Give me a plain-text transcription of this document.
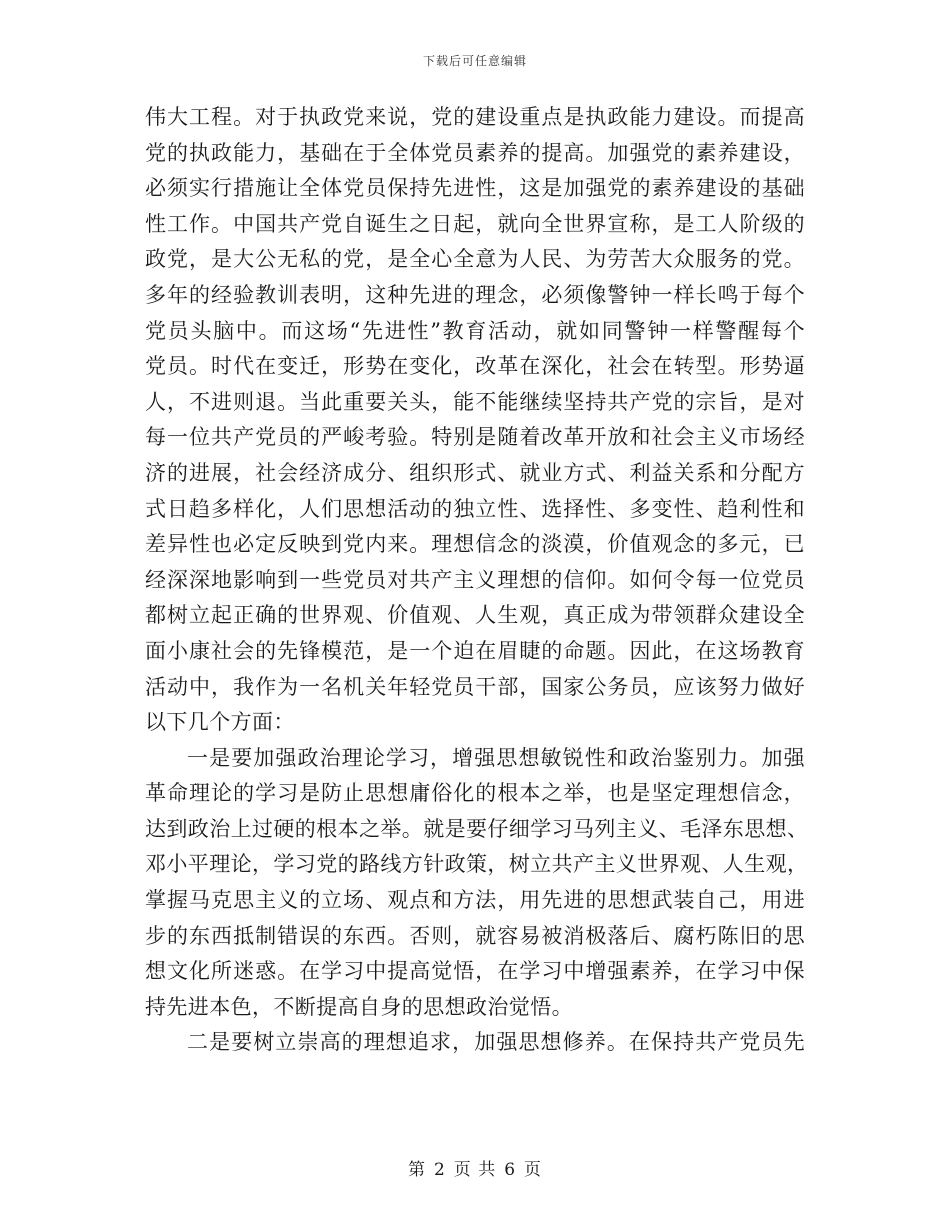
下载后可任意编辑
伟大工程。对于执政党来说，党的建设重点是执政能力建设。而提高
党的执政能力，基础在于全体党员素养的提高。加强党的素养建设，
必须实行措施让全体党员保持先进性，这是加强党的素养建设的基础
性工作。中国共产党自诞生之日起，就向全世界宣称，是工人阶级的
政党，是大公无私的党，是全心全意为人民、为劳苦大众服务的党。
多年的经验教训表明，这种先进的理念，必须像警钟一样长鸣于每个
党员头脑中。而这场“先进性”教育活动，就如同警钟一样警醒每个
党员。时代在变迁，形势在变化，改革在深化，社会在转型。形势逼
人，不进则退。当此重要关头，能不能继续坚持共产党的宗旨，是对
每一位共产党员的严峻考验。特别是随着改革开放和社会主义市场经
济的进展，社会经济成分、组织形式、就业方式、利益关系和分配方
式日趋多样化，人们思想活动的独立性、选择性、多变性、趋利性和
差异性也必定反映到党内来。理想信念的淡漠，价值观念的多元，已
经深深地影响到一些党员对共产主义理想的信仰。如何令每一位党员
都树立起正确的世界观、价值观、人生观，真正成为带领群众建设全
面小康社会的先锋模范，是一个迫在眉睫的命题。因此，在这场教育
活动中，我作为一名机关年轻党员干部，国家公务员，应该努力做好
以下几个方面：
一是要加强政治理论学习，增强思想敏锐性和政治鉴别力。加强
革命理论的学习是防止思想庸俗化的根本之举，也是坚定理想信念，
达到政治上过硬的根本之举。就是要仔细学习马列主义、毛泽东思想、
邓小平理论，学习党的路线方针政策，树立共产主义世界观、人生观，
掌握马克思主义的立场、观点和方法，用先进的思想武装自己，用进
步的东西抵制错误的东西。否则，就容易被消极落后、腐朽陈旧的思
想文化所迷惑。在学习中提高觉悟，在学习中增强素养，在学习中保
持先进本色，不断提高自身的思想政治觉悟。
二是要树立崇高的理想追求，加强思想修养。在保持共产党员先
第 2 页 共 6 页
